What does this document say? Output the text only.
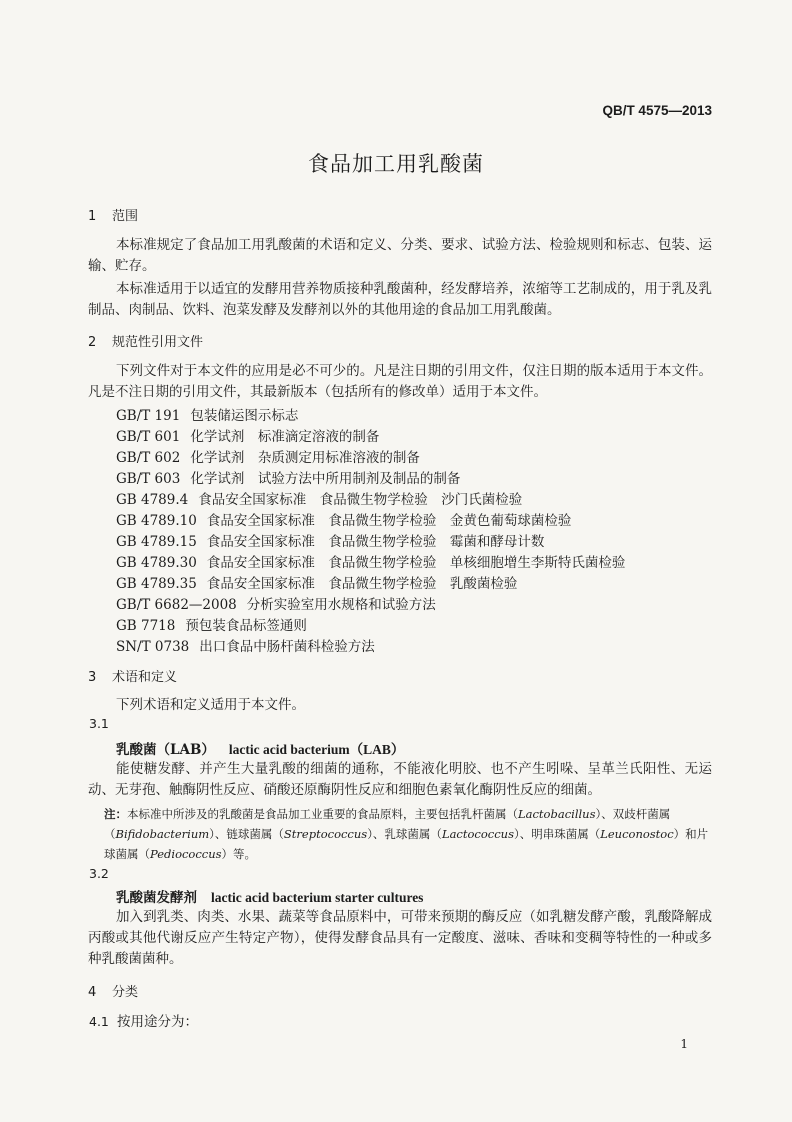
QB/T 4575—2013
食品加工用乳酸菌
1 范围
本标准规定了食品加工用乳酸菌的术语和定义、分类、要求、试验方法、检验规则和标志、包装、运输、贮存。
本标准适用于以适宜的发酵用营养物质接种乳酸菌种，经发酵培养，浓缩等工艺制成的，用于乳及乳制品、肉制品、饮料、泡菜发酵及发酵剂以外的其他用途的食品加工用乳酸菌。
2 规范性引用文件
下列文件对于本文件的应用是必不可少的。凡是注日期的引用文件，仅注日期的版本适用于本文件。凡是不注日期的引用文件，其最新版本（包括所有的修改单）适用于本文件。
GB/T 191 包装储运图示标志
GB/T 601 化学试剂　标准滴定溶液的制备
GB/T 602 化学试剂　杂质测定用标准溶液的制备
GB/T 603 化学试剂　试验方法中所用制剂及制品的制备
GB 4789.4 食品安全国家标准　食品微生物学检验　沙门氏菌检验
GB 4789.10 食品安全国家标准　食品微生物学检验　金黄色葡萄球菌检验
GB 4789.15 食品安全国家标准　食品微生物学检验　霉菌和酵母计数
GB 4789.30 食品安全国家标准　食品微生物学检验　单核细胞增生李斯特氏菌检验
GB 4789.35 食品安全国家标准　食品微生物学检验　乳酸菌检验
GB/T 6682—2008 分析实验室用水规格和试验方法
GB 7718 预包装食品标签通则
SN/T 0738 出口食品中肠杆菌科检验方法
3 术语和定义
下列术语和定义适用于本文件。
3.1
乳酸菌（LAB） lactic acid bacterium（LAB）
能使糖发酵、并产生大量乳酸的细菌的通称，不能液化明胶、也不产生吲哚、呈革兰氏阳性、无运动、无芽孢、触酶阴性反应、硝酸还原酶阴性反应和细胞色素氧化酶阴性反应的细菌。
注：本标准中所涉及的乳酸菌是食品加工业重要的食品原料，主要包括乳杆菌属（Lactobacillus）、双歧杆菌属（Bifidobacterium）、链球菌属（Streptococcus）、乳球菌属（Lactococcus）、明串珠菌属（Leuconostoc）和片球菌属（Pediococcus）等。
3.2
乳酸菌发酵剂 lactic acid bacterium starter cultures
加入到乳类、肉类、水果、蔬菜等食品原料中，可带来预期的酶反应（如乳糖发酵产酸，乳酸降解成丙酸或其他代谢反应产生特定产物），使得发酵食品具有一定酸度、滋味、香味和变稠等特性的一种或多种乳酸菌菌种。
4 分类
4.1 按用途分为：
1
